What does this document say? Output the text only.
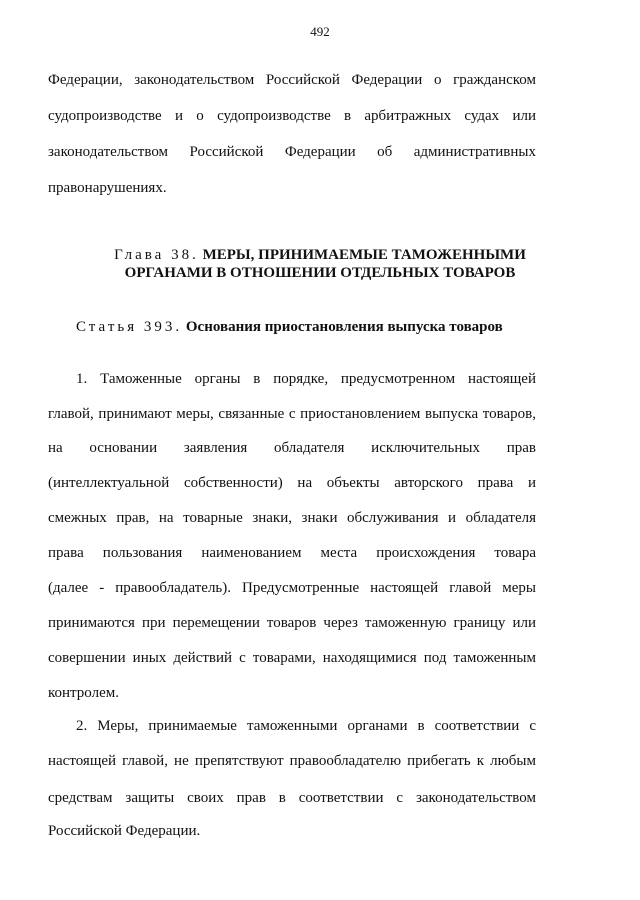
492
Федерации, законодательством Российской Федерации о гражданском
судопроизводстве и о судопроизводстве в арбитражных судах или
законодательством Российской Федерации об административных
правонарушениях.
Глава 38. МЕРЫ, ПРИНИМАЕМЫЕ ТАМОЖЕННЫМИ
ОРГАНАМИ В ОТНОШЕНИИ ОТДЕЛЬНЫХ ТОВАРОВ
Статья 393. Основания приостановления выпуска товаров
1. Таможенные органы в порядке, предусмотренном настоящей
главой, принимают меры, связанные с приостановлением выпуска товаров,
на основании заявления обладателя исключительных прав
(интеллектуальной собственности) на объекты авторского права и
смежных прав, на товарные знаки, знаки обслуживания и обладателя
права пользования наименованием места происхождения товара
(далее - правообладатель). Предусмотренные настоящей главой меры
принимаются при перемещении товаров через таможенную границу или
совершении иных действий с товарами, находящимися под таможенным
контролем.
2. Меры, принимаемые таможенными органами в соответствии с
настоящей главой, не препятствуют правообладателю прибегать к любым
средствам защиты своих прав в соответствии с законодательством
Российской Федерации.
